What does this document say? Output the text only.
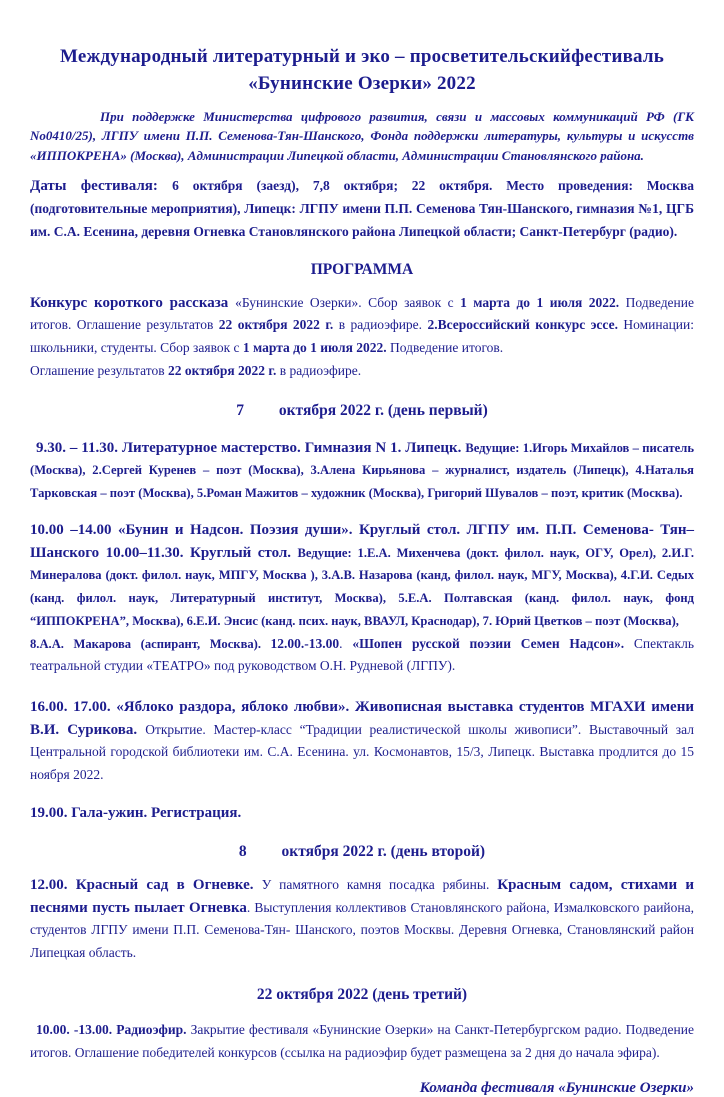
Международный литературный и эко – просветительскийфестиваль
«Бунинские Озерки» 2022
При поддержке Министерства цифрового развития, связи и массовых коммуникаций РФ (ГК No0410/25), ЛГПУ имени П.П. Семенова-Тян-Шанского, Фонда поддержки литературы, культуры и искусств «ИППОКРЕНА» (Москва), Администрации Липецкой области, Администрации Становлянского района.
Даты фестиваля: 6 октября (заезд), 7,8 октября; 22 октября. Место проведения: Москва (подготовительные мероприятия), Липецк: ЛГПУ имени П.П. Семенова Тян-Шанского, гимназия №1, ЦГБ им. С.А. Есенина, деревня Огневка Становлянского района Липецкой области; Санкт-Петербург (радио).
ПРОГРАММА
Конкурс короткого рассказа «Бунинские Озерки». Сбор заявок с 1 марта до 1 июля 2022. Подведение итогов. Оглашение результатов 22 октября 2022 г. в радиоэфире. 2.Всероссийский конкурс эссе. Номинации: школьники, студенты. Сбор заявок с 1 марта до 1 июля 2022. Подведение итогов.
Оглашение результатов 22 октября 2022 г. в радиоэфире.
7         октября 2022 г. (день первый)
9.30. – 11.30. Литературное мастерство. Гимназия N 1. Липецк. Ведущие: 1.Игорь Михайлов – писатель (Москва), 2.Сергей Куренев – поэт (Москва), 3.Алена Кирьянова – журналист, издатель (Липецк), 4.Наталья Тарковская – поэт (Москва), 5.Роман Мажитов – художник (Москва), Григорий Шувалов – поэт, критик (Москва).
10.00 –14.00 «Бунин и Надсон. Поэзия души». Круглый стол. ЛГПУ им. П.П. Семенова- Тян–Шанского 10.00–11.30. Круглый стол. Ведущие: 1.Е.А. Михенчева (докт. филол. наук, ОГУ, Орел), 2.И.Г. Минералова (докт. филол. наук, МПГУ, Москва ), 3.А.В. Назарова (канд, филол. наук, МГУ, Москва), 4.Г.И. Седых (канд. филол. наук, Литературный институт, Москва), 5.Е.А. Полтавская (канд. филол. наук, фонд “ИППОКРЕНА”, Москва), 6.Е.И. Энсис (канд. псих. наук, ВВАУЛ, Краснодар), 7. Юрий Цветков – поэт (Москва),
8.А.А. Макарова (аспирант, Москва). 12.00.-13.00. «Шопен русской поэзии Семен Надсон». Спектакль театральной студии «ТЕАТРО» под руководством О.Н. Рудневой (ЛГПУ).
16.00. 17.00. «Яблоко раздора, яблоко любви». Живописная выставка студентов МГАХИ имени В.И. Сурикова. Открытие. Мастер-класс “Традиции реалистической школы живописи”. Выставочный зал Центральной городской библиотеки им. С.А. Есенина. ул. Космонавтов, 15/3, Липецк. Выставка продлится до 15 ноября 2022.
19.00. Гала-ужин. Регистрация.
8         октября 2022 г. (день второй)
12.00. Красный сад в Огневке. У памятного камня посадка рябины. Красным садом, стихами и песнями пусть пылает Огневка. Выступления коллективов Становлянского района, Измалковского раийона, студентов ЛГПУ имени П.П. Семенова-Тян- Шанского, поэтов Москвы. Деревня Огневка, Становлянский район Липецкая область.
22 октября 2022 (день третий)
10.00. -13.00. Радиоэфир. Закрытие фестиваля «Бунинские Озерки» на Санкт-Петербургском радио. Подведение итогов. Оглашение победителей конкурсов (ссылка на радиоэфир будет размещена за 2 дня до начала эфира).
Команда фестиваля «Бунинские Озерки»
